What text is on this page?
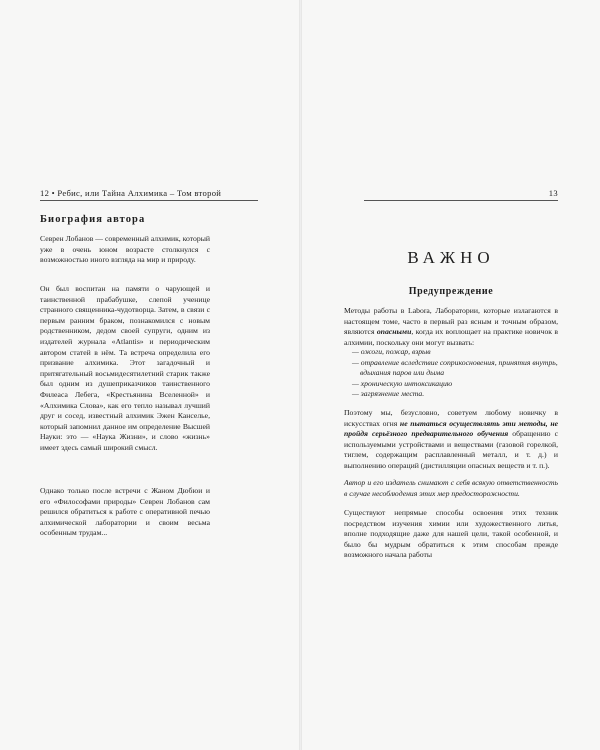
12 • Ребис, или Тайна Алхимика – Том второй
Биография автора
Севрен Лобанов — современный алхимик, который уже в очень юном возрасте столкнулся с возможностью иного взгляда на мир и природу.
Он был воспитан на памяти о чарующей и таинственной прабабушке, слепой ученице странного священника-чудотворца. Затем, в связи с первым ранним браком, познакомился с новым родственником, дедом своей супруги, одним из издателей журнала «Atlantis» и периодическим автором статей в нём. Та встреча определила его призвание алхимика. Этот загадочный и притягательный восьмидесятилетний старик также был одним из душеприказчиков таинственного Филеаса Лебега, «Крестьянина Вселенной» и «Алхимика Слова», как его тепло называл лучший друг и сосед, известный алхимик Эжен Канселье, который запомнил данное им определение Высшей Науки: это — «Наука Жизни», и слово «жизнь» имеет здесь самый широкий смысл.
Однако только после встречи с Жаном Дюбюи и его «Философами природы» Севрен Лобанов сам решился обратиться к работе с оперативной печью алхимической лаборатории и своим весьма особенным трудам...
13
ВАЖНО
Предупреждение
Методы работы в Labora, Лаборатории, которые излагаются в настоящем томе, часто в первый раз ясным и точным образом, являются опасными, когда их воплощает на практике новичок в алхимии, поскольку они могут вызвать:
— ожоги, пожар, взрыв
— отравление вследствие соприкосновения, принятия внутрь,
вдыхания паров или дыма
— хроническую интоксикацию
— загрязнение места.
Поэтому мы, безусловно, советуем любому новичку в искусствах огня не пытаться осуществлять эти методы, не пройдя серьёзного предварительного обучения обращению с используемыми устройствами и веществами (газовой горелкой, тиглем, содержащим расплавленный металл, и т. д.) и выполнению операций (дистилляции опасных веществ и т. п.).
Автор и его издатель снимают с себя всякую ответственность в случае несоблюдения этих мер предосторожности.
Существуют непрямые способы освоения этих техник посредством изучения химии или художественного литья, вполне подходящие даже для нашей цели, такой особенной, и было бы мудрым обратиться к этим способам прежде возможного начала работы
